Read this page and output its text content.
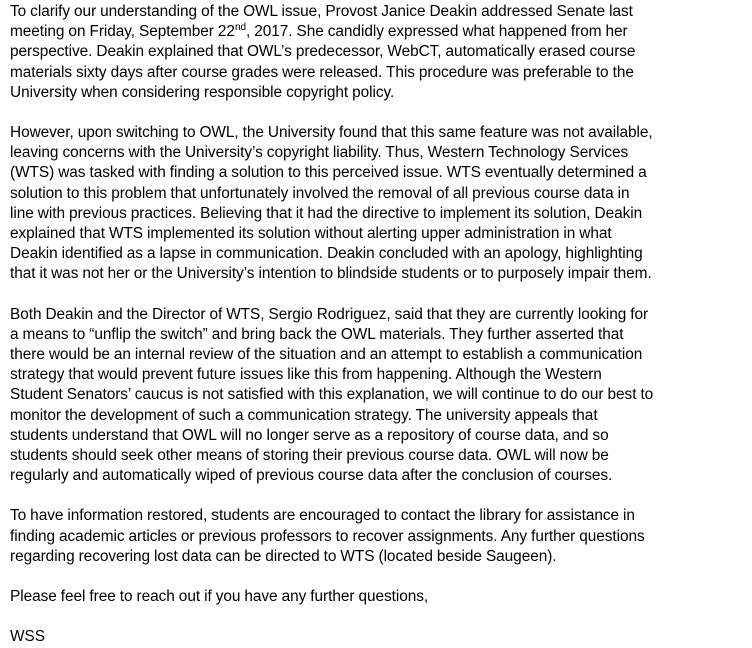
To clarify our understanding of the OWL issue, Provost Janice Deakin addressed Senate last
meeting on Friday, September 22nd, 2017. She candidly expressed what happened from her
perspective. Deakin explained that OWL’s predecessor, WebCT, automatically erased course
materials sixty days after course grades were released. This procedure was preferable to the
University when considering responsible copyright policy.

However, upon switching to OWL, the University found that this same feature was not available,
leaving concerns with the University’s copyright liability. Thus, Western Technology Services
(WTS) was tasked with finding a solution to this perceived issue. WTS eventually determined a
solution to this problem that unfortunately involved the removal of all previous course data in
line with previous practices. Believing that it had the directive to implement its solution, Deakin
explained that WTS implemented its solution without alerting upper administration in what
Deakin identified as a lapse in communication. Deakin concluded with an apology, highlighting
that it was not her or the University’s intention to blindside students or to purposely impair them.

Both Deakin and the Director of WTS, Sergio Rodriguez, said that they are currently looking for
a means to “unflip the switch” and bring back the OWL materials. They further asserted that
there would be an internal review of the situation and an attempt to establish a communication
strategy that would prevent future issues like this from happening. Although the Western
Student Senators’ caucus is not satisfied with this explanation, we will continue to do our best to
monitor the development of such a communication strategy. The university appeals that
students understand that OWL will no longer serve as a repository of course data, and so
students should seek other means of storing their previous course data. OWL will now be
regularly and automatically wiped of previous course data after the conclusion of courses.

To have information restored, students are encouraged to contact the library for assistance in
finding academic articles or previous professors to recover assignments. Any further questions
regarding recovering lost data can be directed to WTS (located beside Saugeen).

Please feel free to reach out if you have any further questions,

WSS
